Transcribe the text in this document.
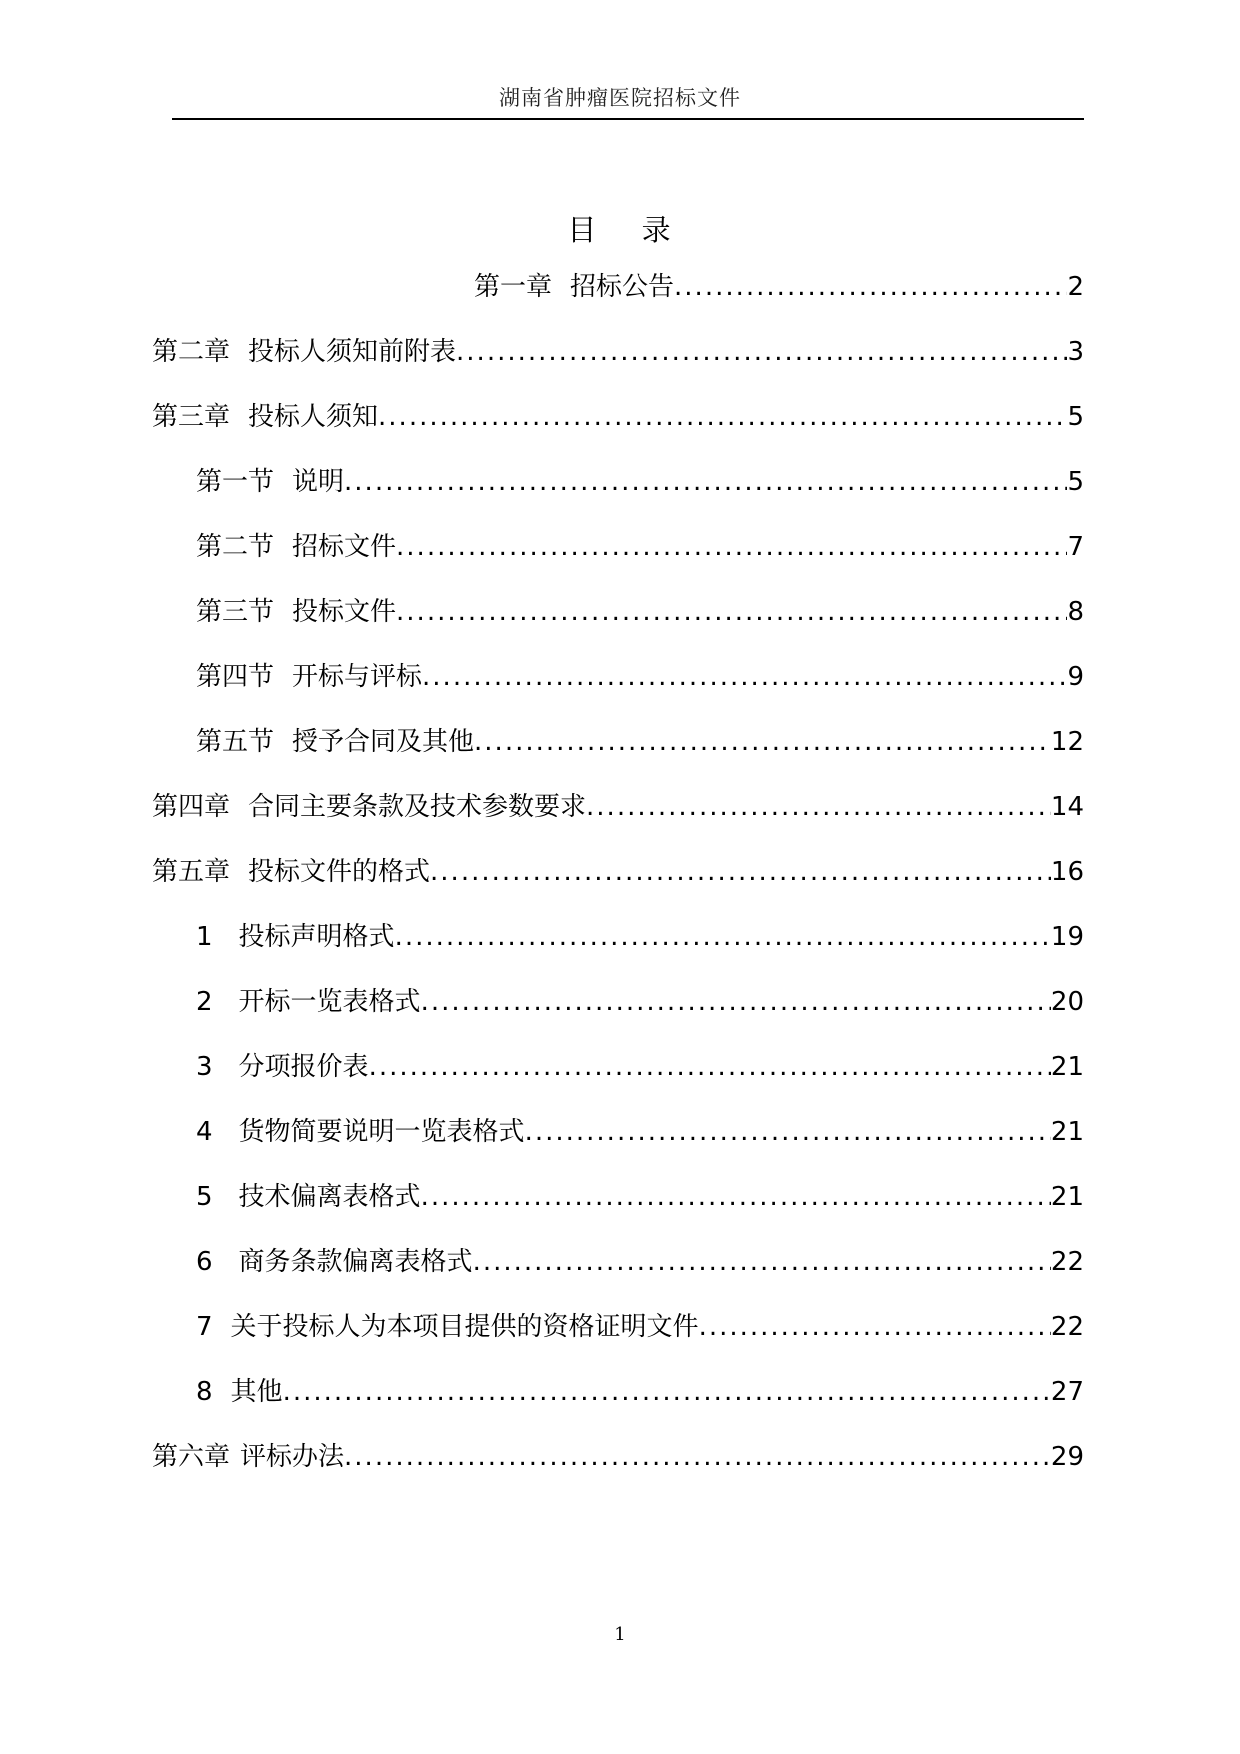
湖南省肿瘤医院招标文件
目 录
第一章 招标公告 .....	2
第二章 投标人须知前附表 .....	3
第三章 投标人须知 .....	5
第一节 说明 .....	5
第二节 招标文件 .....	7
第三节 投标文件 .....	8
第四节 开标与评标 .....	9
第五节 授予合同及其他 .....	12
第四章 合同主要条款及技术参数要求 .....	14
第五章 投标文件的格式 .....	16
1 投标声明格式 .....	19
2 开标一览表格式 .....	20
3 分项报价表 .....	21
4 货物简要说明一览表格式 .....	21
5 技术偏离表格式 .....	21
6 商务条款偏离表格式 .....	22
7 关于投标人为本项目提供的资格证明文件 .....	22
8 其他 .....	27
第六章 评标办法 .....	29
1
